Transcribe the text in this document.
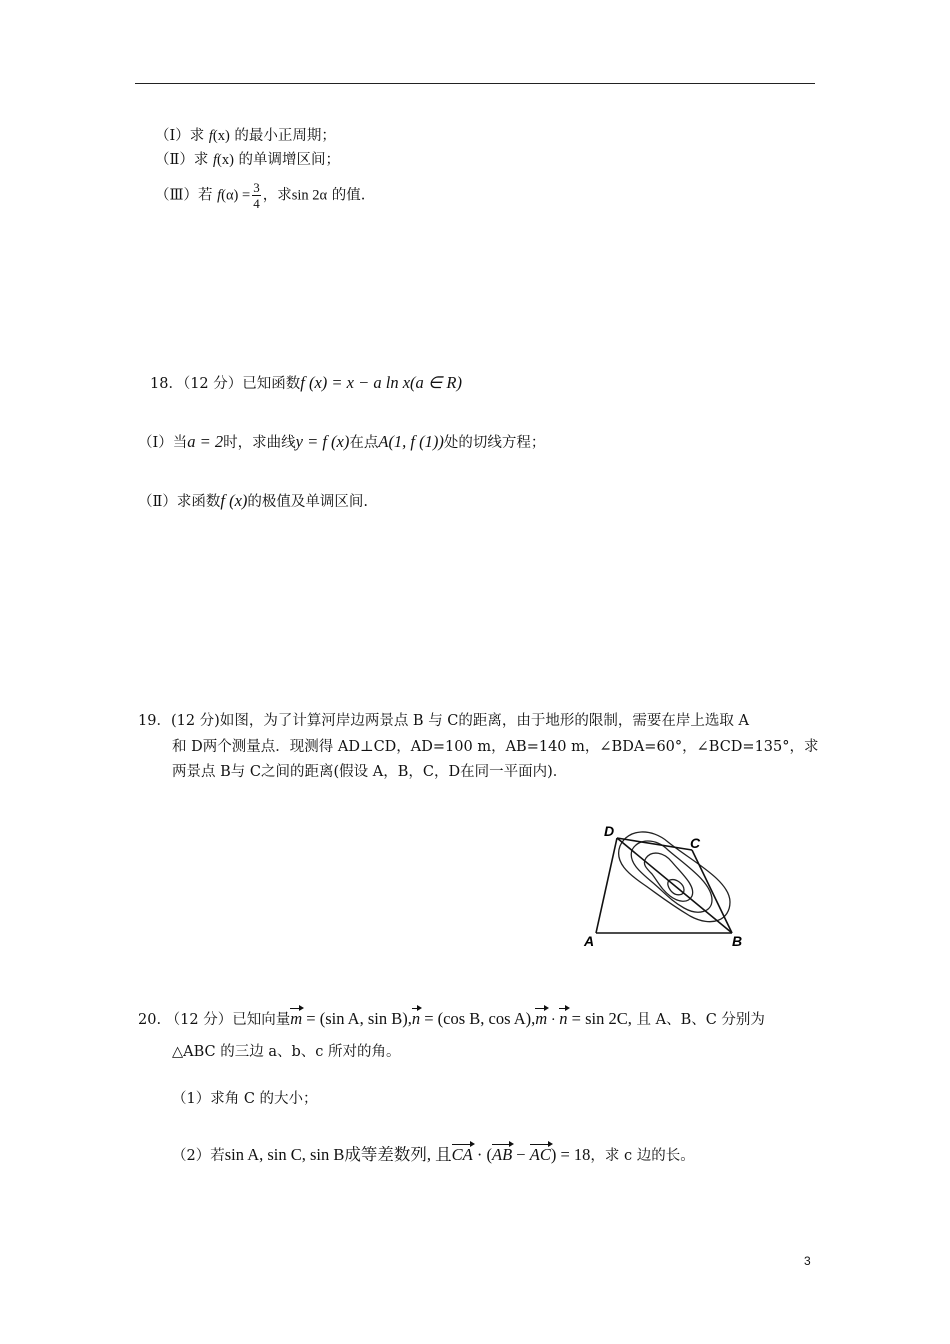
（Ⅰ）求 f(x) 的最小正周期；
（Ⅱ）求 f(x) 的单调增区间；
（Ⅲ）若 $f(\alpha) = \frac{3}{4}$ ，求sin 2α 的值.
18．（12 分）已知函数f (x) = x − a ln x(a ∈ R)
（Ⅰ）当a = 2时，求曲线y = f (x)在点A(1, f (1))处的切线方程；
（Ⅱ）求函数f (x)的极值及单调区间.
19．(12 分)如图，为了计算河岸边两景点 B 与 C的距离，由于地形的限制，需要在岸上选取 A
和 D两个测量点．现测得 AD⊥CD，AD=100 m，AB=140 m，∠BDA=60°，∠BCD=135°，求
两景点 B与 C之间的距离(假设 A，B，C，D在同一平面内)．
D
C
A	B
20. （12 分）已知向量m = (sin A, sin B),n = (cos B, cos A),m · n = sin 2C, 且 A、B、C 分别为
△ABC 的三边 a、b、c 所对的角。
（1）求角 C 的大小；
（2）若sin A, sin C, sin B成等差数列, 且CA · (AB − AC) = 18，求 c 边的长。
3
